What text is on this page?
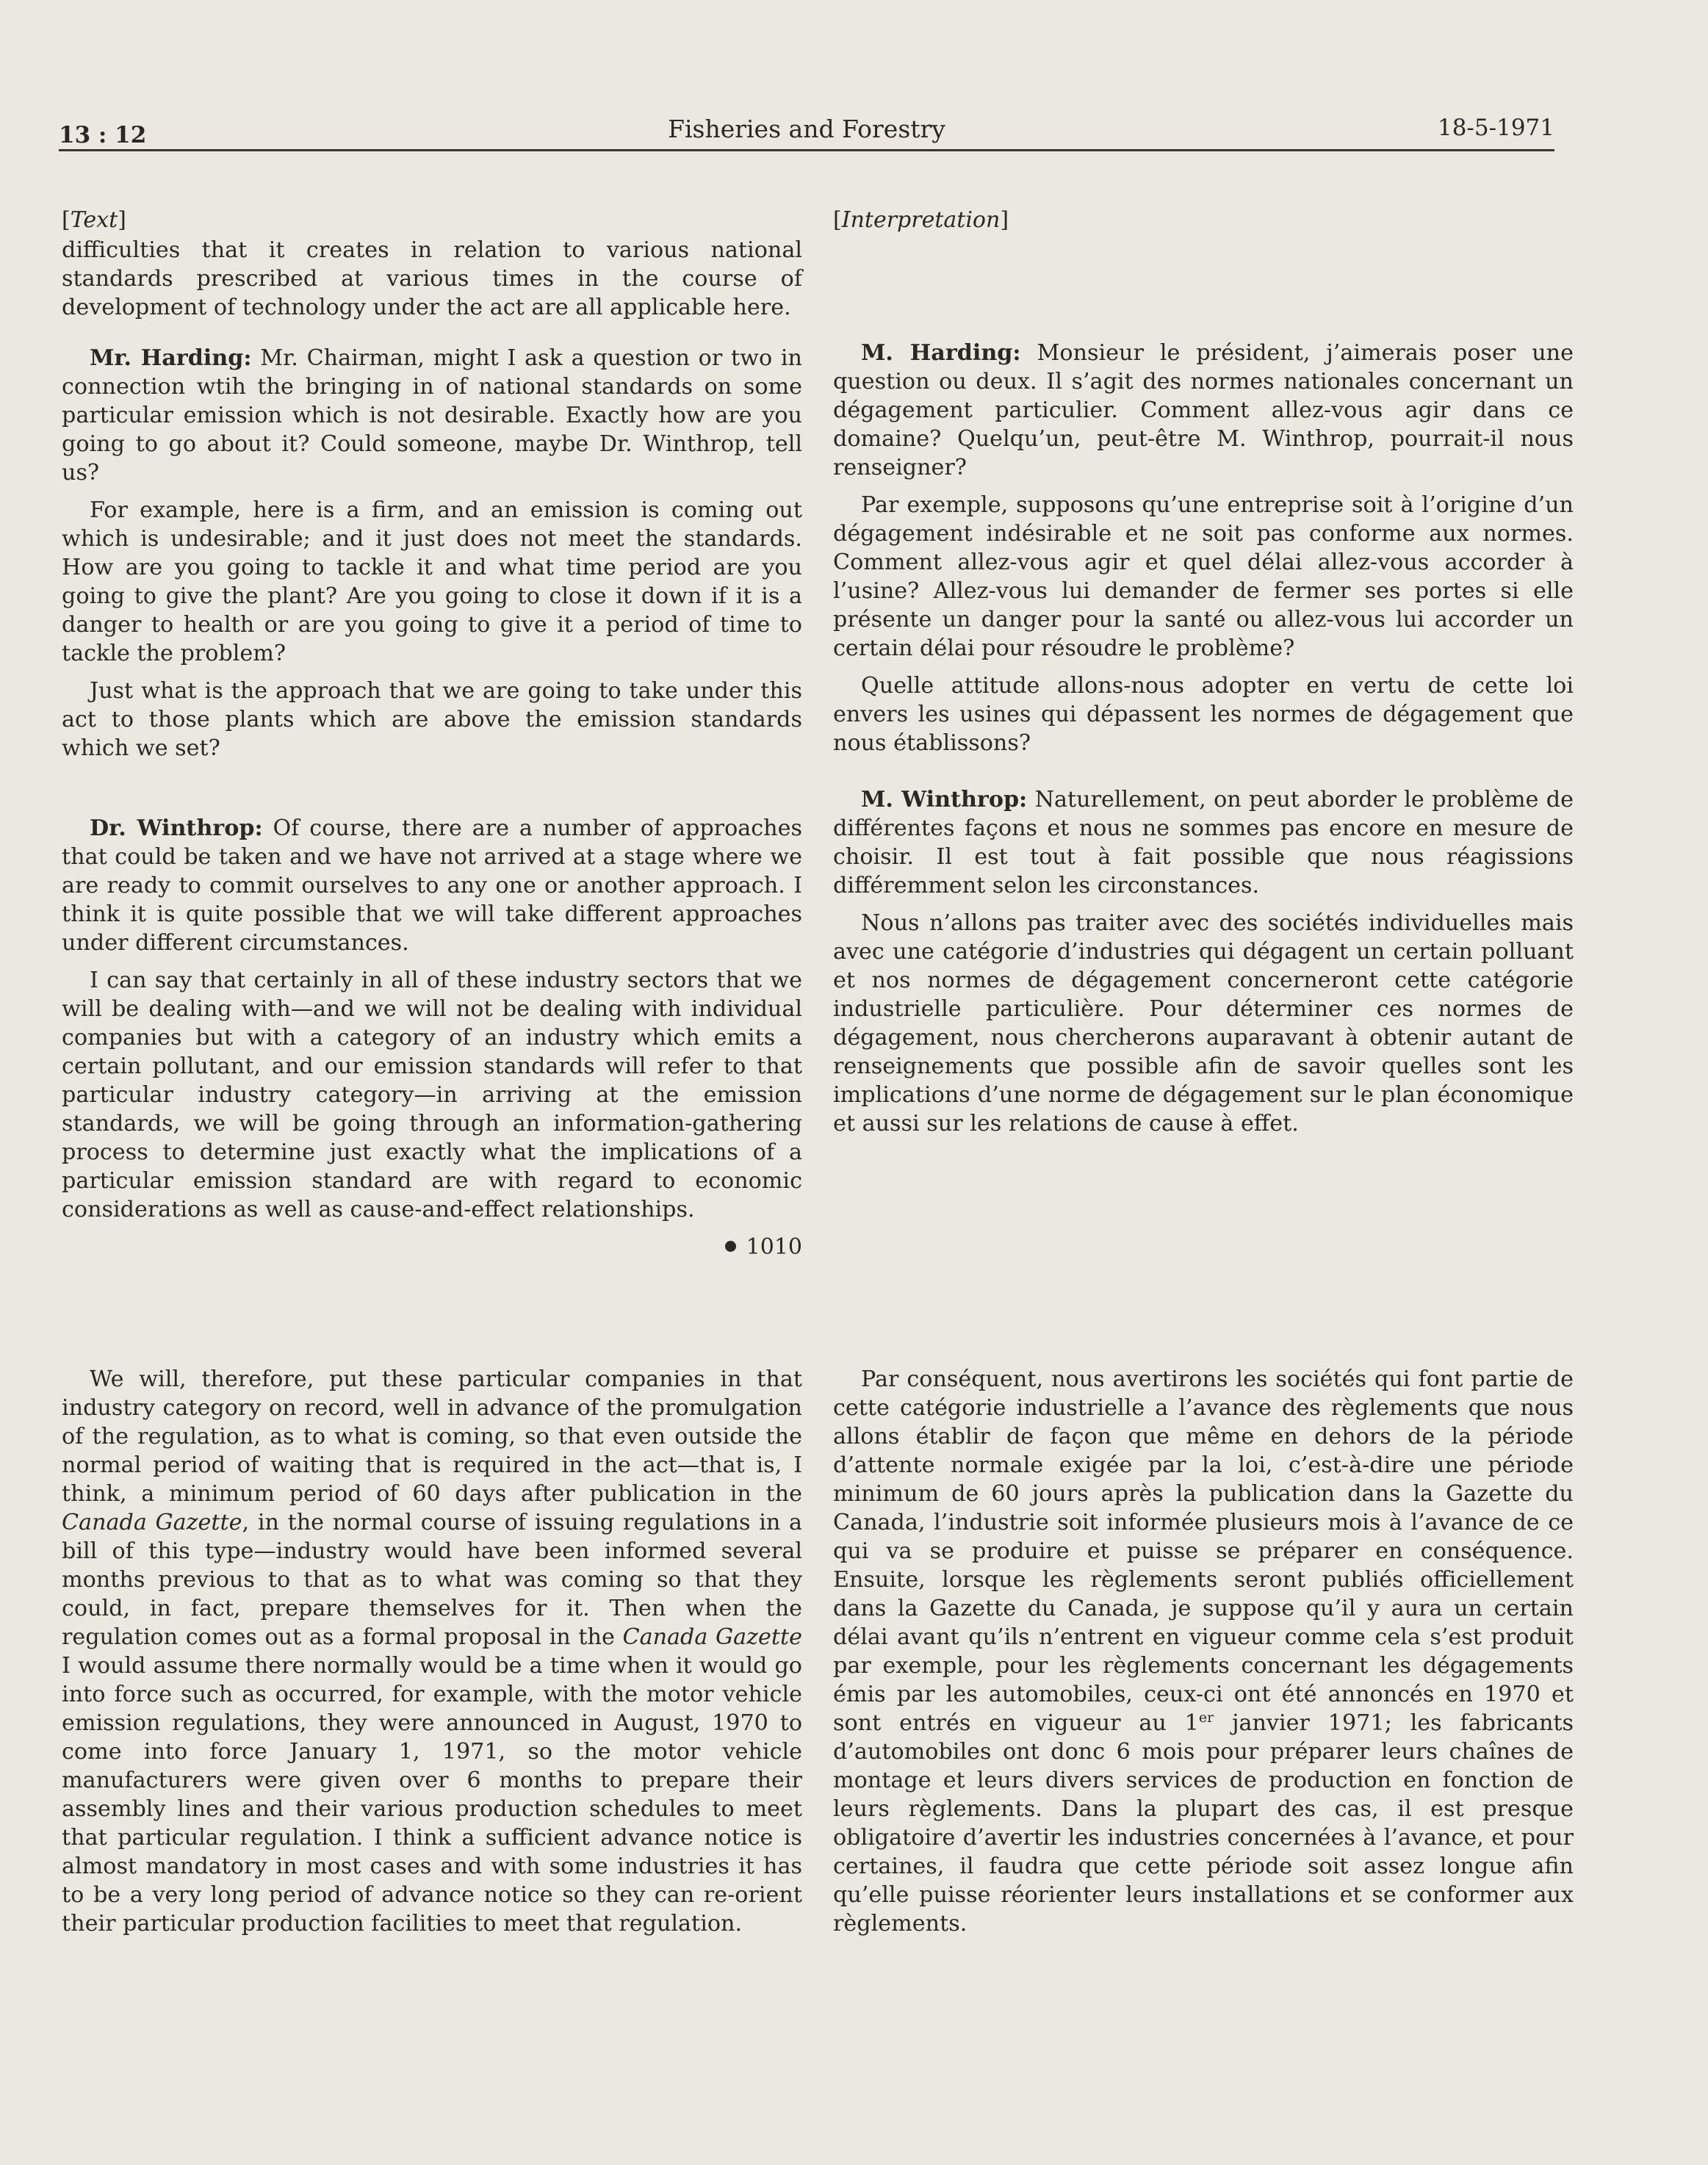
13 : 12	Fisheries and Forestry	18-5-1971
[Text]

difficulties that it creates in relation to various national standards prescribed at various times in the course of development of technology under the act are all applicable here.

Mr. Harding: Mr. Chairman, might I ask a question or two in connection wtih the bringing in of national standards on some particular emission which is not desirable. Exactly how are you going to go about it? Could someone, maybe Dr. Winthrop, tell us?

For example, here is a firm, and an emission is coming out which is undesirable; and it just does not meet the standards. How are you going to tackle it and what time period are you going to give the plant? Are you going to close it down if it is a danger to health or are you going to give it a period of time to tackle the problem?

Just what is the approach that we are going to take under this act to those plants which are above the emission standards which we set?

Dr. Winthrop: Of course, there are a number of approaches that could be taken and we have not arrived at a stage where we are ready to commit ourselves to any one or another approach. I think it is quite possible that we will take different approaches under different circumstances.

I can say that certainly in all of these industry sectors that we will be dealing with—and we will not be dealing with individual companies but with a category of an industry which emits a certain pollutant, and our emission standards will refer to that particular industry category—in arriving at the emission standards, we will be going through an information-gathering process to determine just exactly what the implications of a particular emission standard are with regard to economic considerations as well as cause-and-effect relationships.

1010

We will, therefore, put these particular companies in that industry category on record, well in advance of the promulgation of the regulation, as to what is coming, so that even outside the normal period of waiting that is required in the act—that is, I think, a minimum period of 60 days after publication in the Canada Gazette, in the normal course of issuing regulations in a bill of this type—industry would have been informed several months previous to that as to what was coming so that they could, in fact, prepare themselves for it. Then when the regulation comes out as a formal proposal in the Canada Gazette I would assume there normally would be a time when it would go into force such as occurred, for example, with the motor vehicle emission regulations, they were announced in August, 1970 to come into force January 1, 1971, so the motor vehicle manufacturers were given over 6 months to prepare their assembly lines and their various production schedules to meet that particular regulation. I think a sufficient advance notice is almost mandatory in most cases and with some industries it has to be a very long period of advance notice so they can re-orient their particular production facilities to meet that regulation.

[Interpretation]

M. Harding: Monsieur le président, j’aimerais poser une question ou deux. Il s’agit des normes nationales concernant un dégagement particulier. Comment allez-vous agir dans ce domaine? Quelqu’un, peut-être M. Winthrop, pourrait-il nous renseigner?

Par exemple, supposons qu’une entreprise soit à l’origine d’un dégagement indésirable et ne soit pas conforme aux normes. Comment allez-vous agir et quel délai allez-vous accorder à l’usine? Allez-vous lui demander de fermer ses portes si elle présente un danger pour la santé ou allez-vous lui accorder un certain délai pour résoudre le problème?

Quelle attitude allons-nous adopter en vertu de cette loi envers les usines qui dépassent les normes de dégagement que nous établissons?

M. Winthrop: Naturellement, on peut aborder le problème de différentes façons et nous ne sommes pas encore en mesure de choisir. Il est tout à fait possible que nous réagissions différemment selon les circonstances.

Nous n’allons pas traiter avec des sociétés individuelles mais avec une catégorie d’industries qui dégagent un certain polluant et nos normes de dégagement concerneront cette catégorie industrielle particulière. Pour déterminer ces normes de dégagement, nous chercherons auparavant à obtenir autant de renseignements que possible afin de savoir quelles sont les implications d’une norme de dégagement sur le plan économique et aussi sur les relations de cause à effet.

Par conséquent, nous avertirons les sociétés qui font partie de cette catégorie industrielle a l’avance des règlements que nous allons établir de façon que même en dehors de la période d’attente normale exigée par la loi, c’est-à-dire une période minimum de 60 jours après la publication dans la Gazette du Canada, l’industrie soit informée plusieurs mois à l’avance de ce qui va se produire et puisse se préparer en conséquence. Ensuite, lorsque les règlements seront publiés officiellement dans la Gazette du Canada, je suppose qu’il y aura un certain délai avant qu’ils n’entrent en vigueur comme cela s’est produit par exemple, pour les règlements concernant les dégagements émis par les automobiles, ceux-ci ont été annoncés en 1970 et sont entrés en vigueur au 1er janvier 1971; les fabricants d’automobiles ont donc 6 mois pour préparer leurs chaînes de montage et leurs divers services de production en fonction de leurs règlements. Dans la plupart des cas, il est presque obligatoire d’avertir les industries concernées à l’avance, et pour certaines, il faudra que cette période soit assez longue afin qu’elle puisse réorienter leurs installations et se conformer aux règlements.
